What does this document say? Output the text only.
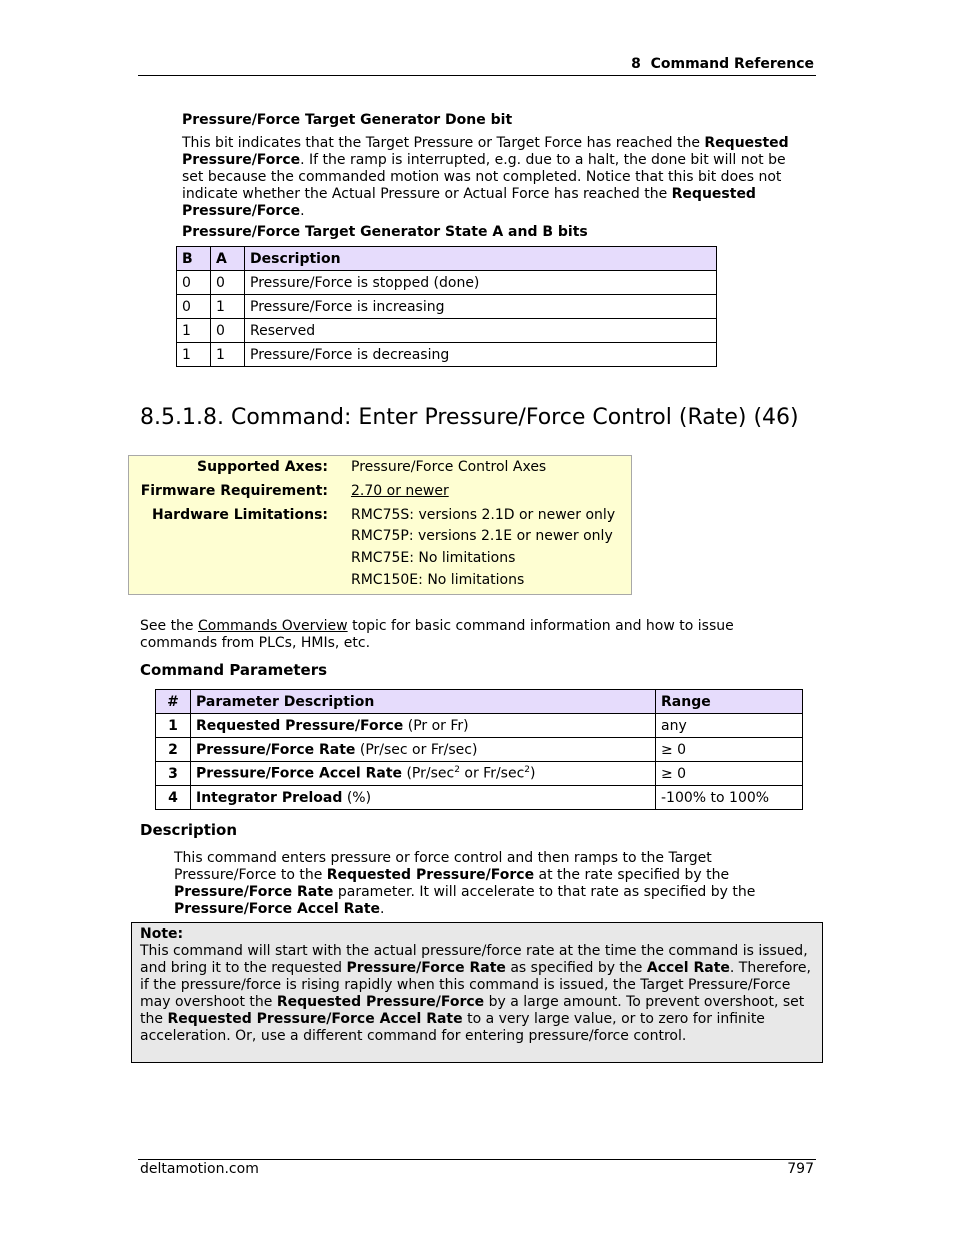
8  Command Reference
Pressure/Force Target Generator Done bit

This bit indicates that the Target Pressure or Target Force has reached the Requested Pressure/Force. If the ramp is interrupted, e.g. due to a halt, the done bit will not be set because the commanded motion was not completed. Notice that this bit does not indicate whether the Actual Pressure or Actual Force has reached the Requested Pressure/Force.

Pressure/Force Target Generator State A and B bits
B	A	Description
0	0	Pressure/Force is stopped (done)
0	1	Pressure/Force is increasing
1	0	Reserved
1	1	Pressure/Force is decreasing
8.5.1.8. Command: Enter Pressure/Force Control (Rate) (46)
Supported Axes: Pressure/Force Control Axes
Firmware Requirement: 2.70 or newer
Hardware Limitations: RMC75S: versions 2.1D or newer only
RMC75P: versions 2.1E or newer only
RMC75E: No limitations
RMC150E: No limitations

See the Commands Overview topic for basic command information and how to issue commands from PLCs, HMIs, etc.

Command Parameters
#	Parameter Description	Range
1	Requested Pressure/Force (Pr or Fr)	any
2	Pressure/Force Rate (Pr/sec or Fr/sec)	≥ 0
3	Pressure/Force Accel Rate ($Pr/\sec^2$ or $Fr/\sec^2$)	≥ 0
4	Integrator Preload (%)	-100% to 100%
Description

This command enters pressure or force control and then ramps to the Target Pressure/Force to the Requested Pressure/Force at the rate specified by the Pressure/Force Rate parameter. It will accelerate to that rate as specified by the Pressure/Force Accel Rate.

Note:
This command will start with the actual pressure/force rate at the time the command is issued, and bring it to the requested Pressure/Force Rate as specified by the Accel Rate. Therefore, if the pressure/force is rising rapidly when this command is issued, the Target Pressure/Force may overshoot the Requested Pressure/Force by a large amount. To prevent overshoot, set the Requested Pressure/Force Accel Rate to a very large value, or to zero for infinite acceleration. Or, use a different command for entering pressure/force control.

deltamotion.com	797
